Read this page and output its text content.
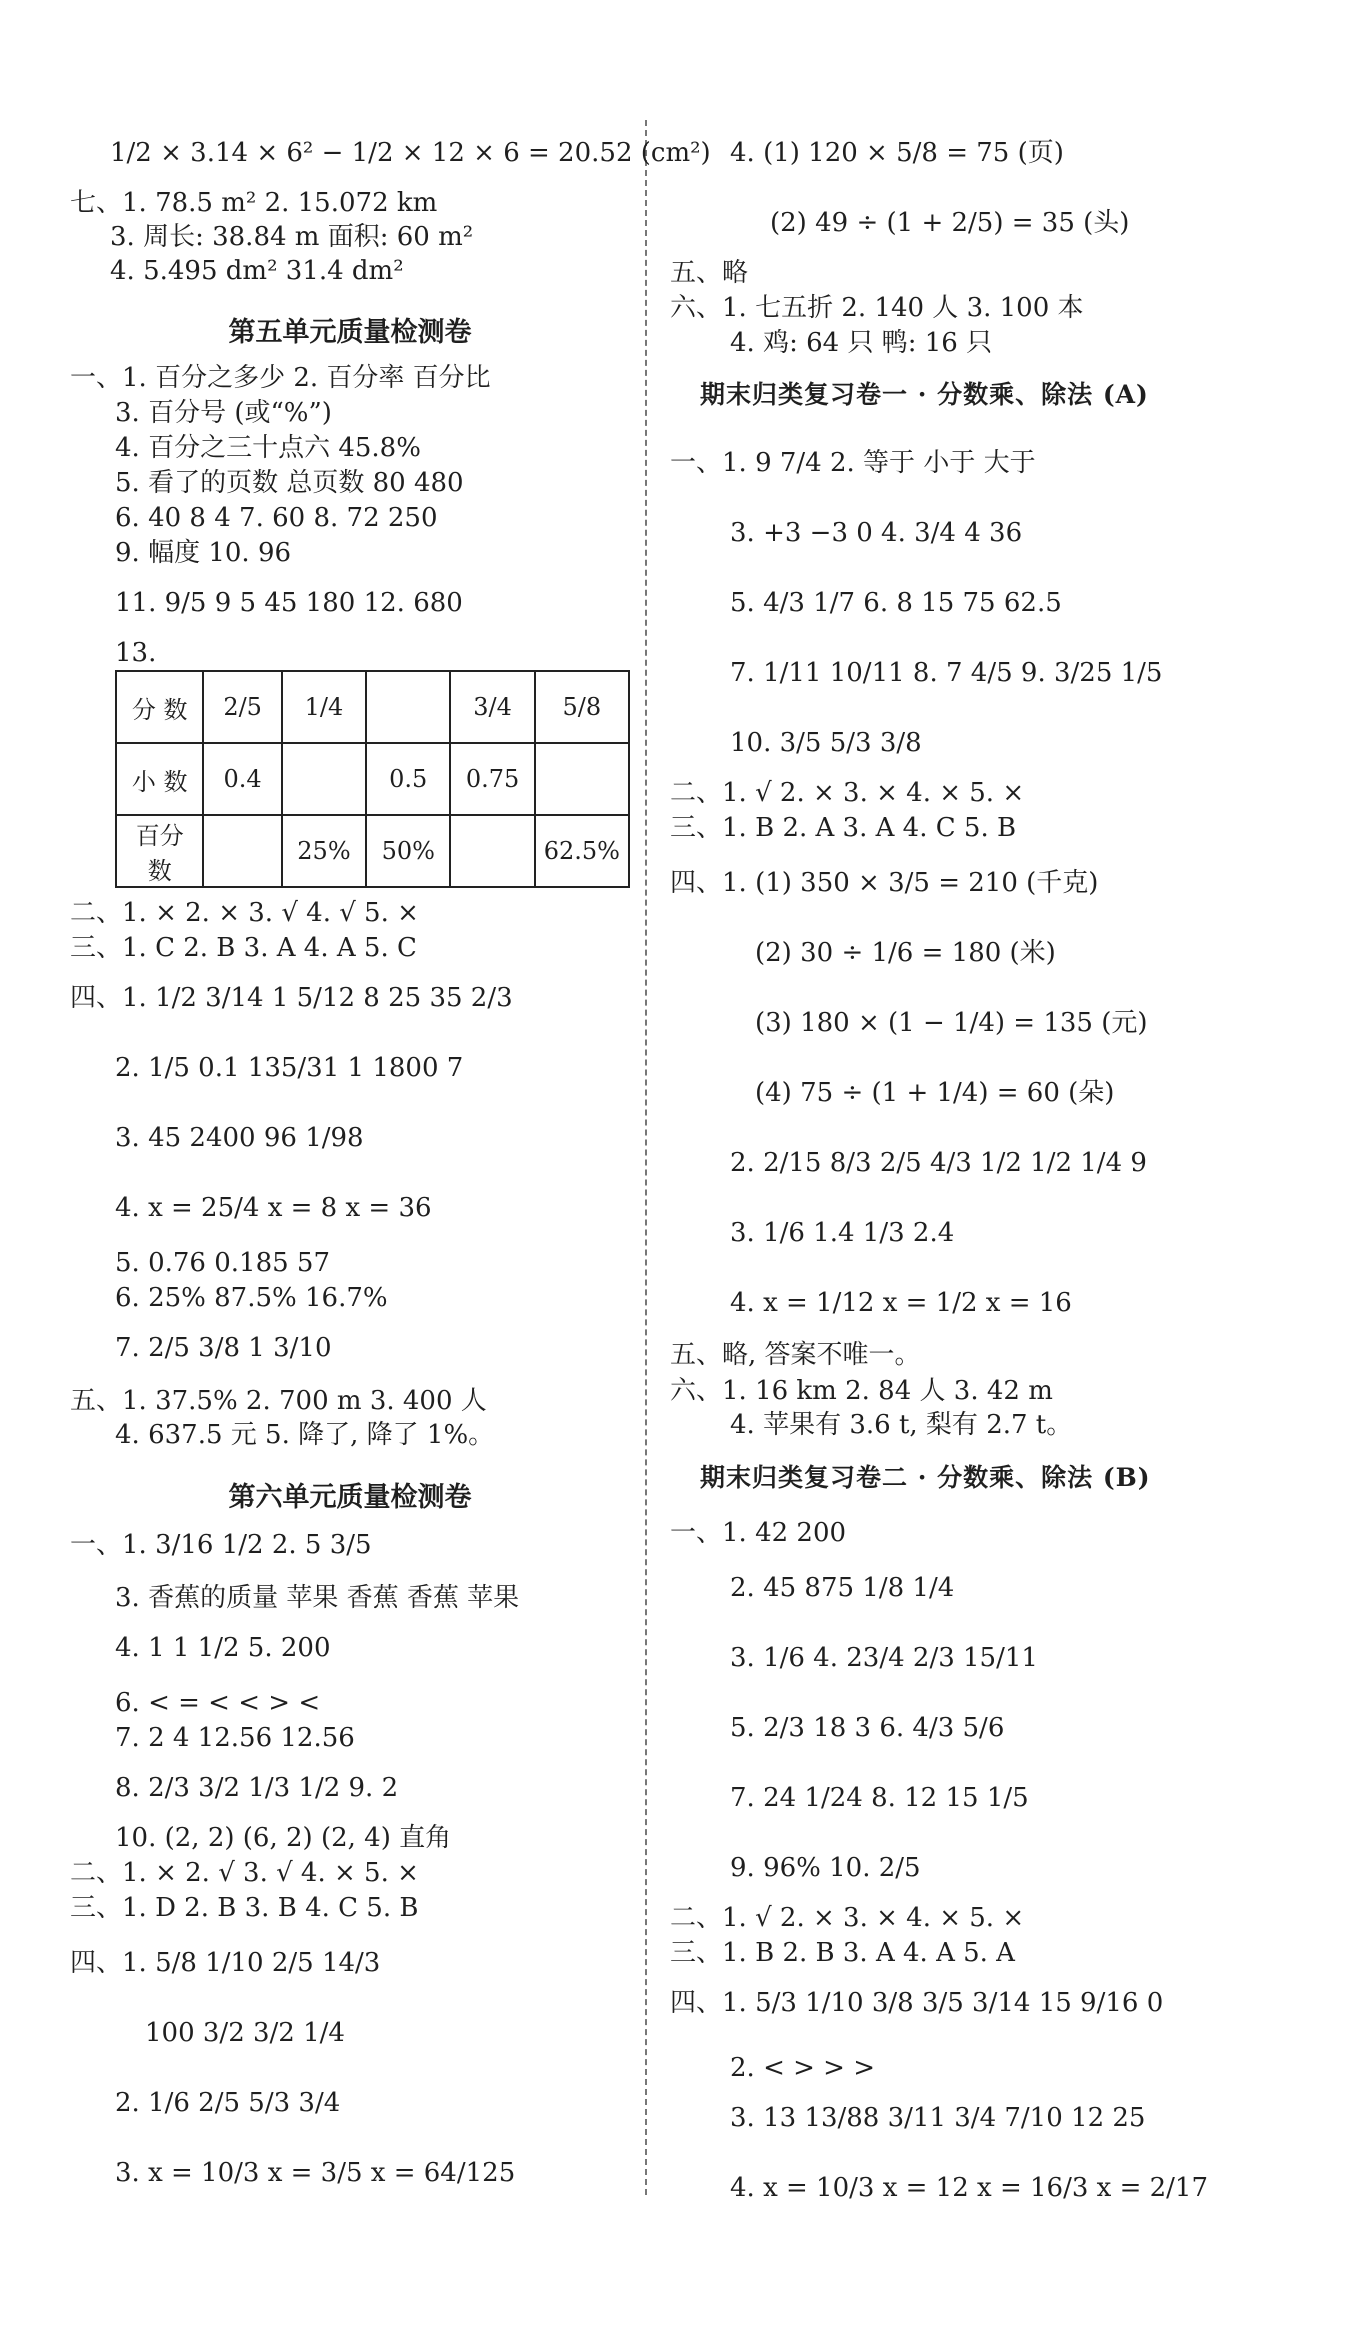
1/2 × 3.14 × 6² − 1/2 × 12 × 6 = 20.52 (cm²)
七、1. 78.5 m² 2. 15.072 km
3. 周长: 38.84 m 面积: 60 m²
4. 5.495 dm² 31.4 dm²
第五单元质量检测卷
一、1. 百分之多少 2. 百分率 百分比
3. 百分号 (或“%”)
4. 百分之三十点六 45.8%
5. 看了的页数 总页数 80 480
6. 40 8 4 7. 60 8. 72 250
9. 幅度 10. 96
11. 9/5 9 5 45 180 12. 680
13.
分 数	2/5	1/4		3/4	5/8
小 数	0.4		0.5	0.75	
百分数		25%	50%		62.5%
二、1. × 2. × 3. √ 4. √ 5. ×
三、1. C 2. B 3. A 4. A 5. C
四、1. 1/2 3/14 1 5/12 8 25 35 2/3
2. 1/5 0.1 135/31 1 1800 7
3. 45 2400 96 1/98
4. x = 25/4 x = 8 x = 36
5. 0.76 0.185 57
6. 25% 87.5% 16.7%
7. 2/5 3/8 1 3/10
五、1. 37.5% 2. 700 m 3. 400 人
4. 637.5 元 5. 降了, 降了 1%。
第六单元质量检测卷
一、1. 3/16 1/2 2. 5 3/5
3. 香蕉的质量 苹果 香蕉 香蕉 苹果
4. 1 1 1/2 5. 200
6. < = < < > <
7. 2 4 12.56 12.56
8. 2/3 3/2 1/3 1/2 9. 2
10. (2, 2) (6, 2) (2, 4) 直角
二、1. × 2. √ 3. √ 4. × 5. ×
三、1. D 2. B 3. B 4. C 5. B
四、1. 5/8 1/10 2/5 14/3
100 3/2 3/2 1/4
2. 1/6 2/5 5/3 3/4
3. x = 10/3 x = 3/5 x = 64/125
4. (1) 120 × 5/8 = 75 (页)
(2) 49 ÷ (1 + 2/5) = 35 (头)
五、略
六、1. 七五折 2. 140 人 3. 100 本
4. 鸡: 64 只 鸭: 16 只
期末归类复习卷一 · 分数乘、除法 (A)
一、1. 9 7/4 2. 等于 小于 大于
3. +3 −3 0 4. 3/4 4 36
5. 4/3 1/7 6. 8 15 75 62.5
7. 1/11 10/11 8. 7 4/5 9. 3/25 1/5
10. 3/5 5/3 3/8
二、1. √ 2. × 3. × 4. × 5. ×
三、1. B 2. A 3. A 4. C 5. B
四、1. (1) 350 × 3/5 = 210 (千克)
(2) 30 ÷ 1/6 = 180 (米)
(3) 180 × (1 − 1/4) = 135 (元)
(4) 75 ÷ (1 + 1/4) = 60 (朵)
2. 2/15 8/3 2/5 4/3 1/2 1/2 1/4 9
3. 1/6 1.4 1/3 2.4
4. x = 1/12 x = 1/2 x = 16
五、略, 答案不唯一。
六、1. 16 km 2. 84 人 3. 42 m
4. 苹果有 3.6 t, 梨有 2.7 t。
期末归类复习卷二 · 分数乘、除法 (B)
一、1. 42 200
2. 45 875 1/8 1/4
3. 1/6 4. 23/4 2/3 15/11
5. 2/3 18 3 6. 4/3 5/6
7. 24 1/24 8. 12 15 1/5
9. 96% 10. 2/5
二、1. √ 2. × 3. × 4. × 5. ×
三、1. B 2. B 3. A 4. A 5. A
四、1. 5/3 1/10 3/8 3/5 3/14 15 9/16 0
2. < > > >
3. 13 13/88 3/11 3/4 7/10 12 25
4. x = 10/3 x = 12 x = 16/3 x = 2/17
